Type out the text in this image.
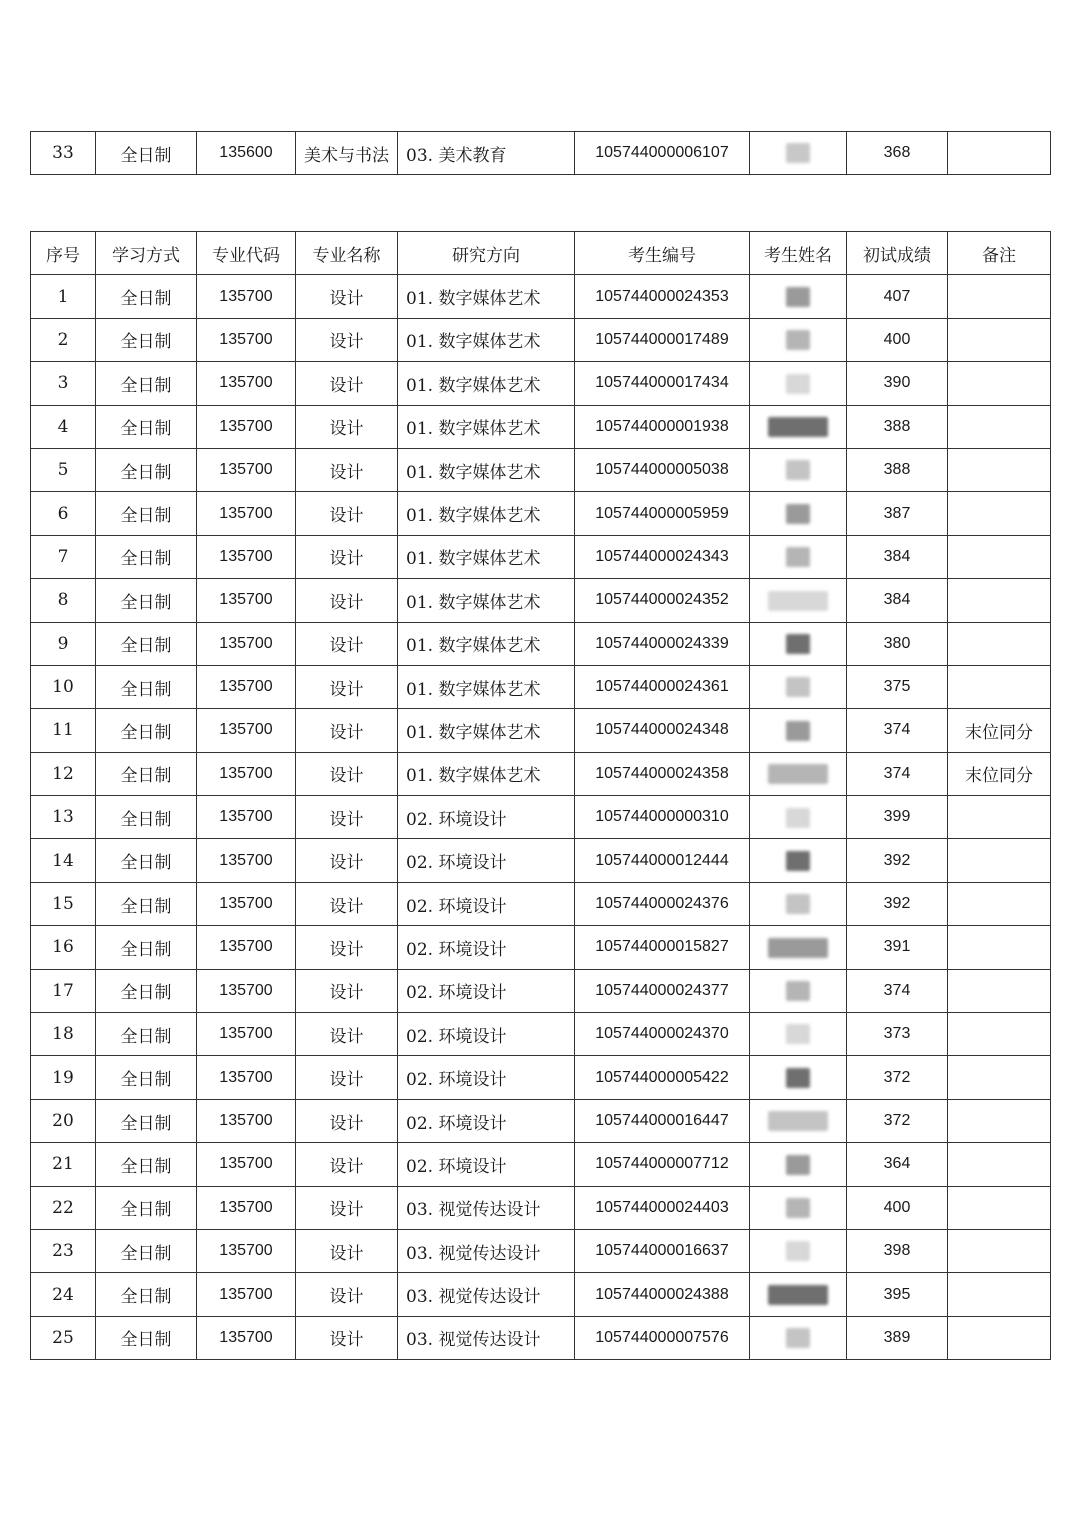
33	全日制	135600	美术与书法	03. 美术教育	105744000006107		368	
序号	学习方式	专业代码	专业名称	研究方向	考生编号	考生姓名	初试成绩	备注
1	全日制	135700	设计	01. 数字媒体艺术	105744000024353		407	
2	全日制	135700	设计	01. 数字媒体艺术	105744000017489		400	
3	全日制	135700	设计	01. 数字媒体艺术	105744000017434		390	
4	全日制	135700	设计	01. 数字媒体艺术	105744000001938		388	
5	全日制	135700	设计	01. 数字媒体艺术	105744000005038		388	
6	全日制	135700	设计	01. 数字媒体艺术	105744000005959		387	
7	全日制	135700	设计	01. 数字媒体艺术	105744000024343		384	
8	全日制	135700	设计	01. 数字媒体艺术	105744000024352		384	
9	全日制	135700	设计	01. 数字媒体艺术	105744000024339		380	
10	全日制	135700	设计	01. 数字媒体艺术	105744000024361		375	
11	全日制	135700	设计	01. 数字媒体艺术	105744000024348		374	末位同分
12	全日制	135700	设计	01. 数字媒体艺术	105744000024358		374	末位同分
13	全日制	135700	设计	02. 环境设计	105744000000310		399	
14	全日制	135700	设计	02. 环境设计	105744000012444		392	
15	全日制	135700	设计	02. 环境设计	105744000024376		392	
16	全日制	135700	设计	02. 环境设计	105744000015827		391	
17	全日制	135700	设计	02. 环境设计	105744000024377		374	
18	全日制	135700	设计	02. 环境设计	105744000024370		373	
19	全日制	135700	设计	02. 环境设计	105744000005422		372	
20	全日制	135700	设计	02. 环境设计	105744000016447		372	
21	全日制	135700	设计	02. 环境设计	105744000007712		364	
22	全日制	135700	设计	03. 视觉传达设计	105744000024403		400	
23	全日制	135700	设计	03. 视觉传达设计	105744000016637		398	
24	全日制	135700	设计	03. 视觉传达设计	105744000024388		395	
25	全日制	135700	设计	03. 视觉传达设计	105744000007576		389	
